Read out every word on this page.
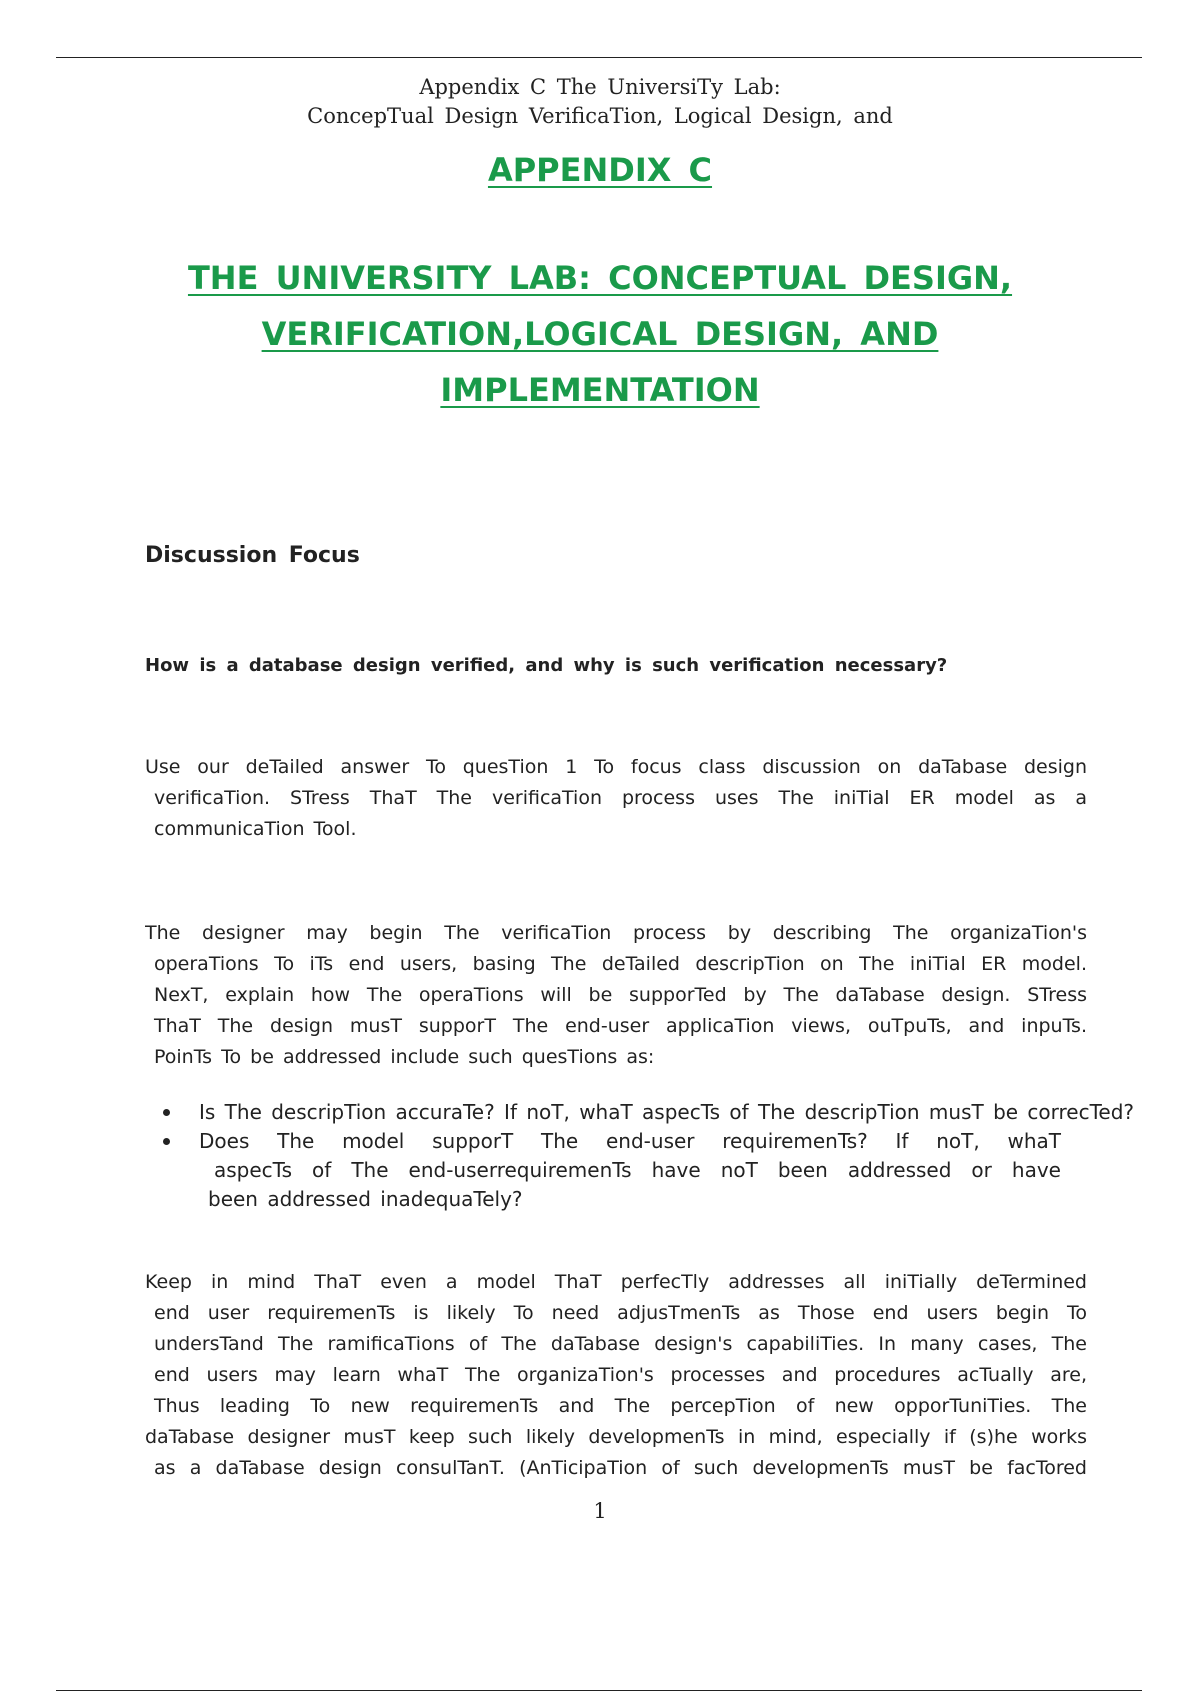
Appendix C The UniversiTy Lab:
ConcepTual Design VerificaTion, Logical Design, and
APPENDIX C
THE UNIVERSITY LAB: CONCEPTUAL DESIGN,
VERIFICATION,LOGICAL DESIGN, AND
IMPLEMENTATION
Discussion Focus
How is a database design verified, and why is such verification necessary?
Use our deTailed answer To quesTion 1 To focus class discussion on daTabase design
verificaTion. STress ThaT The verificaTion process uses The iniTial ER model as a
communicaTion Tool.
The designer may begin The verificaTion process by describing The organizaTion's
operaTions To iTs end users, basing The deTailed descripTion on The iniTial ER model.
NexT, explain how The operaTions will be supporTed by The daTabase design. STress
ThaT The design musT supporT The end-user applicaTion views, ouTpuTs, and inpuTs.
PoinTs To be addressed include such quesTions as:
Is The descripTion accuraTe? If noT, whaT aspecTs of The descripTion musT be correcTed?
Does The model supporT The end-user requiremenTs? If noT, whaT
aspecTs of The end-userrequiremenTs have noT been addressed or have
been addressed inadequaTely?
Keep in mind ThaT even a model ThaT perfecTly addresses all iniTially deTermined
end user requiremenTs is likely To need adjusTmenTs as Those end users begin To
undersTand The ramificaTions of The daTabase design's capabiliTies. In many cases, The
end users may learn whaT The organizaTion's processes and procedures acTually are,
Thus leading To new requiremenTs and The percepTion of new opporTuniTies. The
daTabase designer musT keep such likely developmenTs in mind, especially if (s)he works
as a daTabase design consulTanT. (AnTicipaTion of such developmenTs musT be facTored
1
